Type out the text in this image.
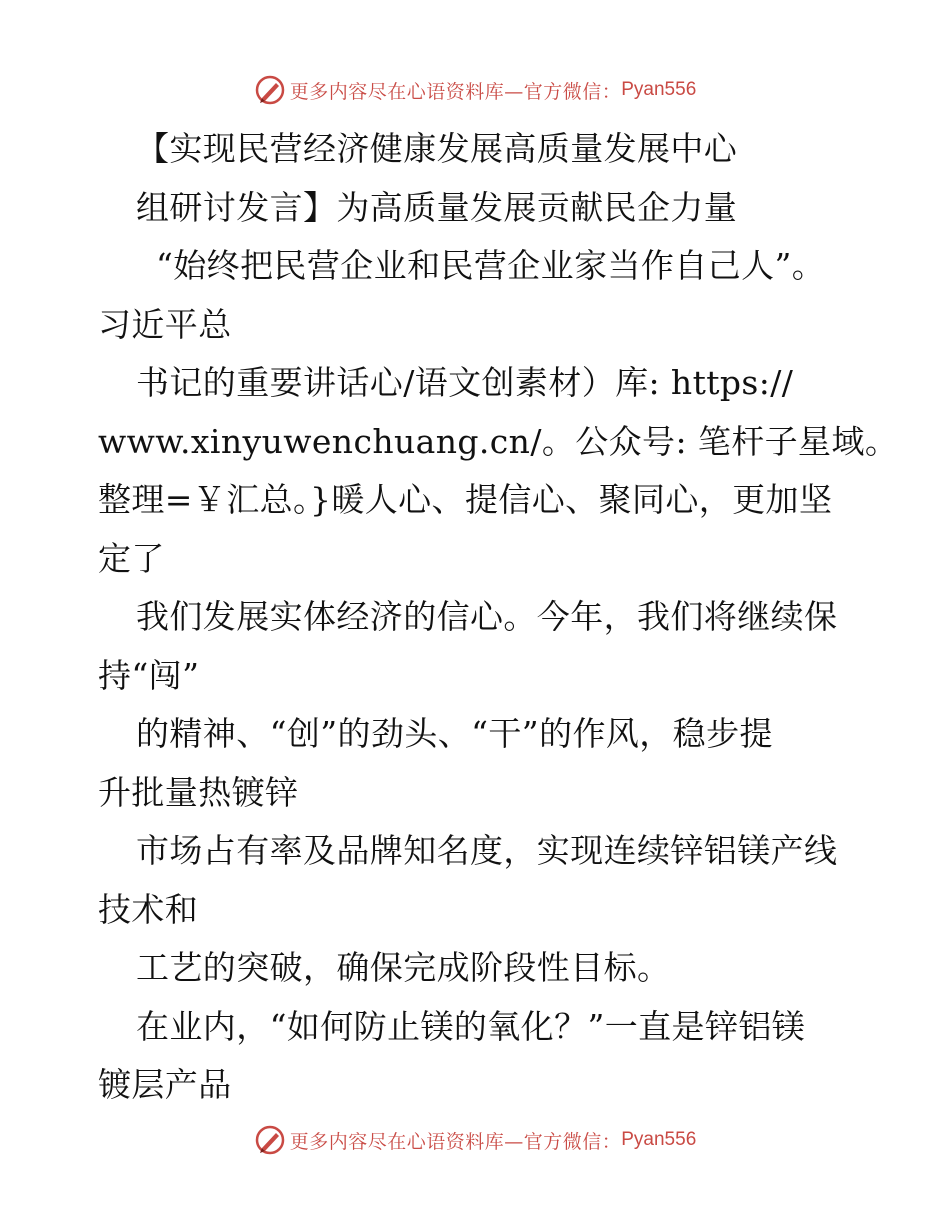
更多内容尽在心语资料库—官方微信： Pyan556
【实现民营经济健康发展高质量发展中心
组研讨发言】为高质量发展贡献民企力量
“始终把民营企业和民营企业家当作自己人”。
习近平总
书记的重要讲话心/语文创素材）库: https://
www.xinyuwenchuang.cn/。公众号: 笔杆子星域。
整理=￥汇总。}暖人心、提信心、聚同心，更加坚
定了
我们发展实体经济的信心。今年，我们将继续保
持“闯”
的精神、“创”的劲头、“干”的作风，稳步提
升批量热镀锌
市场占有率及品牌知名度，实现连续锌铝镁产线
技术和
工艺的突破，确保完成阶段性目标。
在业内，“如何防止镁的氧化？”一直是锌铝镁
镀层产品
更多内容尽在心语资料库—官方微信： Pyan556
